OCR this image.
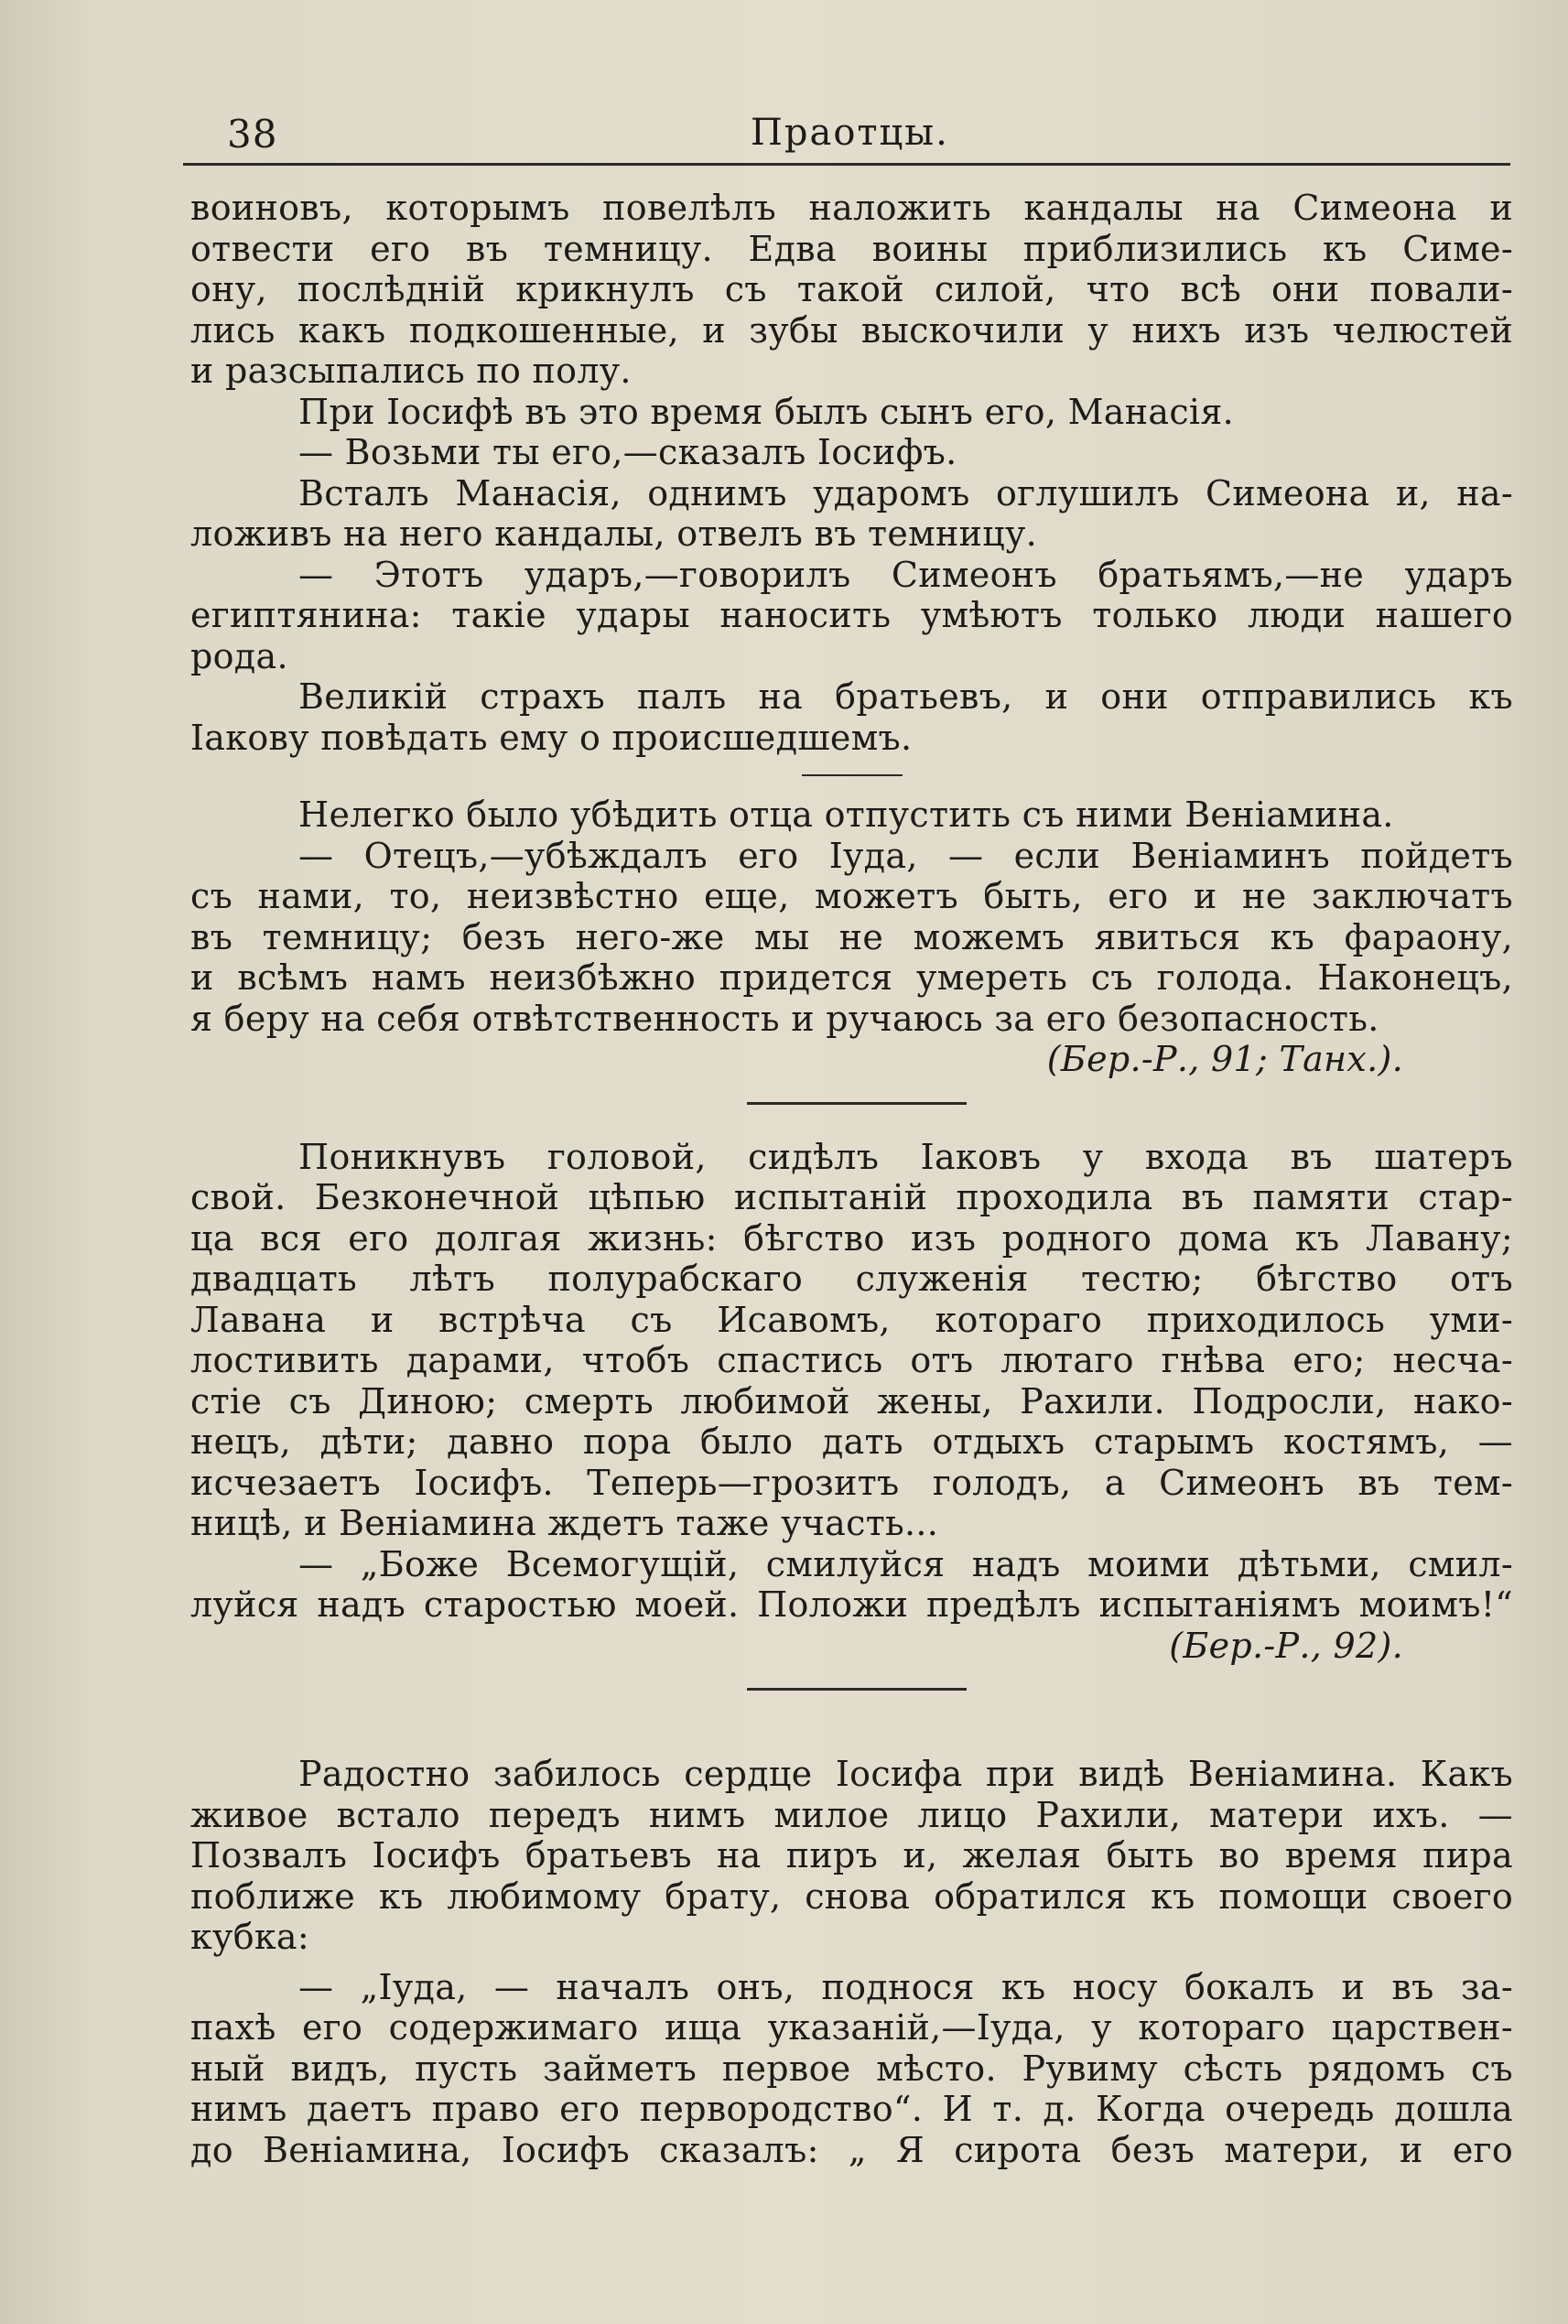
38	Праотцы.
воиновъ, которымъ повелѣлъ наложить кандалы на Симеона и
отвести его въ темницу. Едва воины приблизились къ Симе-
ону, послѣдній крикнулъ съ такой силой, что всѣ они повали-
лись какъ подкошенные, и зубы выскочили у нихъ изъ челюстей
и разсыпались по полу.
При Іосифѣ въ это время былъ сынъ его, Манасія.
— Возьми ты его,—сказалъ Іосифъ.
Всталъ Манасія, однимъ ударомъ оглушилъ Симеона и, на-
ложивъ на него кандалы, отвелъ въ темницу.
— Этотъ ударъ,—говорилъ Симеонъ братьямъ,—не ударъ
египтянина: такіе удары наносить умѣютъ только люди нашего
рода.
Великій страхъ палъ на братьевъ, и они отправились къ
Іакову повѣдать ему о происшедшемъ.
Нелегко было убѣдить отца отпустить съ ними Веніамина.
— Отецъ,—убѣждалъ его Іуда, — если Веніаминъ пойдетъ
съ нами, то, неизвѣстно еще, можетъ быть, его и не заключатъ
въ темницу; безъ него-же мы не можемъ явиться къ фараону,
и всѣмъ намъ неизбѣжно придется умереть съ голода. Наконецъ,
я беру на себя отвѣтственность и ручаюсь за его безопасность.
(Бер.-Р., 91; Танх.).
Поникнувъ головой, сидѣлъ Іаковъ у входа въ шатеръ
свой. Безконечной цѣпью испытаній проходила въ памяти стар-
ца вся его долгая жизнь: бѣгство изъ родного дома къ Лавану;
двадцать лѣтъ полурабскаго служенія тестю; бѣгство отъ
Лавана и встрѣча съ Исавомъ, котораго приходилось уми-
лостивить дарами, чтобъ спастись отъ лютаго гнѣва его; несча-
стіе съ Диною; смерть любимой жены, Рахили. Подросли, нако-
нецъ, дѣти; давно пора было дать отдыхъ старымъ костямъ, —
исчезаетъ Іосифъ. Теперь—грозитъ голодъ, а Симеонъ въ тем-
ницѣ, и Веніамина ждетъ таже участь...
— „Боже Всемогущій, смилуйся надъ моими дѣтьми, смил-
луйся надъ старостью моей. Положи предѣлъ испытаніямъ моимъ!“
(Бер.-Р., 92).
Радостно забилось сердце Іосифа при видѣ Веніамина. Какъ
живое встало передъ нимъ милое лицо Рахили, матери ихъ. —
Позвалъ Іосифъ братьевъ на пиръ и, желая быть во время пира
поближе къ любимому брату, снова обратился къ помощи своего
кубка:
— „Іуда, — началъ онъ, поднося къ носу бокалъ и въ за-
пахѣ его содержимаго ища указаній,—Іуда, у котораго царствен-
ный видъ, пусть займетъ первое мѣсто. Рувиму сѣсть рядомъ съ
нимъ даетъ право его первородство“. И т. д. Когда очередь дошла
до Веніамина, Іосифъ сказалъ: „ Я сирота безъ матери, и его
